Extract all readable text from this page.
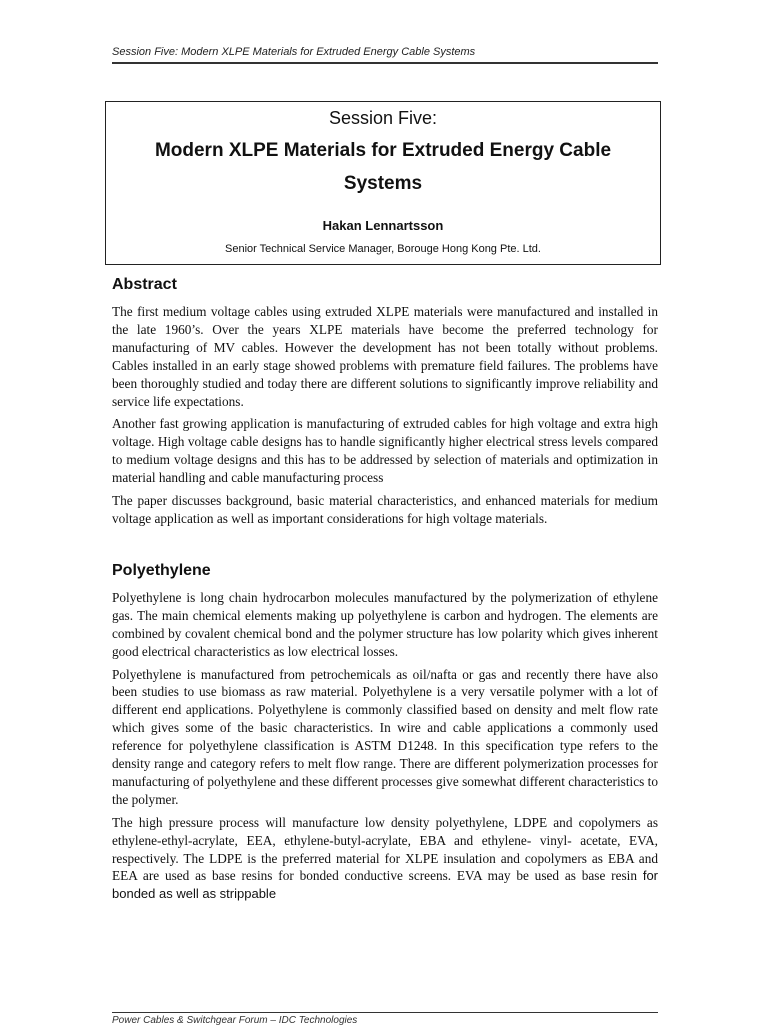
Session Five: Modern XLPE Materials for Extruded Energy Cable Systems
Session Five:
Modern XLPE Materials for Extruded Energy Cable Systems
Hakan Lennartsson
Senior Technical Service Manager, Borouge Hong Kong Pte. Ltd.
Abstract

The first medium voltage cables using extruded XLPE materials were manufactured and installed in the late 1960’s. Over the years XLPE materials have become the preferred technology for manufacturing of MV cables. However the development has not been totally without problems. Cables installed in an early stage showed problems with premature field failures. The problems have been thoroughly studied and today there are different solutions to significantly improve reliability and service life expectations.

Another fast growing application is manufacturing of extruded cables for high voltage and extra high voltage. High voltage cable designs has to handle significantly higher electrical stress levels compared to medium voltage designs and this has to be addressed by selection of materials and optimization in material handling and cable manufacturing process

The paper discusses background, basic material characteristics, and enhanced materials for medium voltage application as well as important considerations for high voltage materials.

Polyethylene

Polyethylene is long chain hydrocarbon molecules manufactured by the polymerization of ethylene gas. The main chemical elements making up polyethylene is carbon and hydrogen. The elements are combined by covalent chemical bond and the polymer structure has low polarity which gives inherent good electrical characteristics as low electrical losses.

Polyethylene is manufactured from petrochemicals as oil/nafta or gas and recently there have also been studies to use biomass as raw material. Polyethylene is a very versatile polymer with a lot of different end applications. Polyethylene is commonly classified based on density and melt flow rate which gives some of the basic characteristics. In wire and cable applications a commonly used reference for polyethylene classification is ASTM D1248. In this specification type refers to the density range and category refers to melt flow range. There are different polymerization processes for manufacturing of polyethylene and these different processes give somewhat different characteristics to the polymer.

The high pressure process will manufacture low density polyethylene, LDPE and copolymers as ethylene-ethyl-acrylate, EEA, ethylene-butyl-acrylate, EBA and ethylene- vinyl- acetate, EVA, respectively. The LDPE is the preferred material for XLPE insulation and copolymers as EBA and EEA are used as base resins for bonded conductive screens. EVA may be used as base resin for bonded as well as strippable

Power Cables & Switchgear Forum – IDC Technologies
